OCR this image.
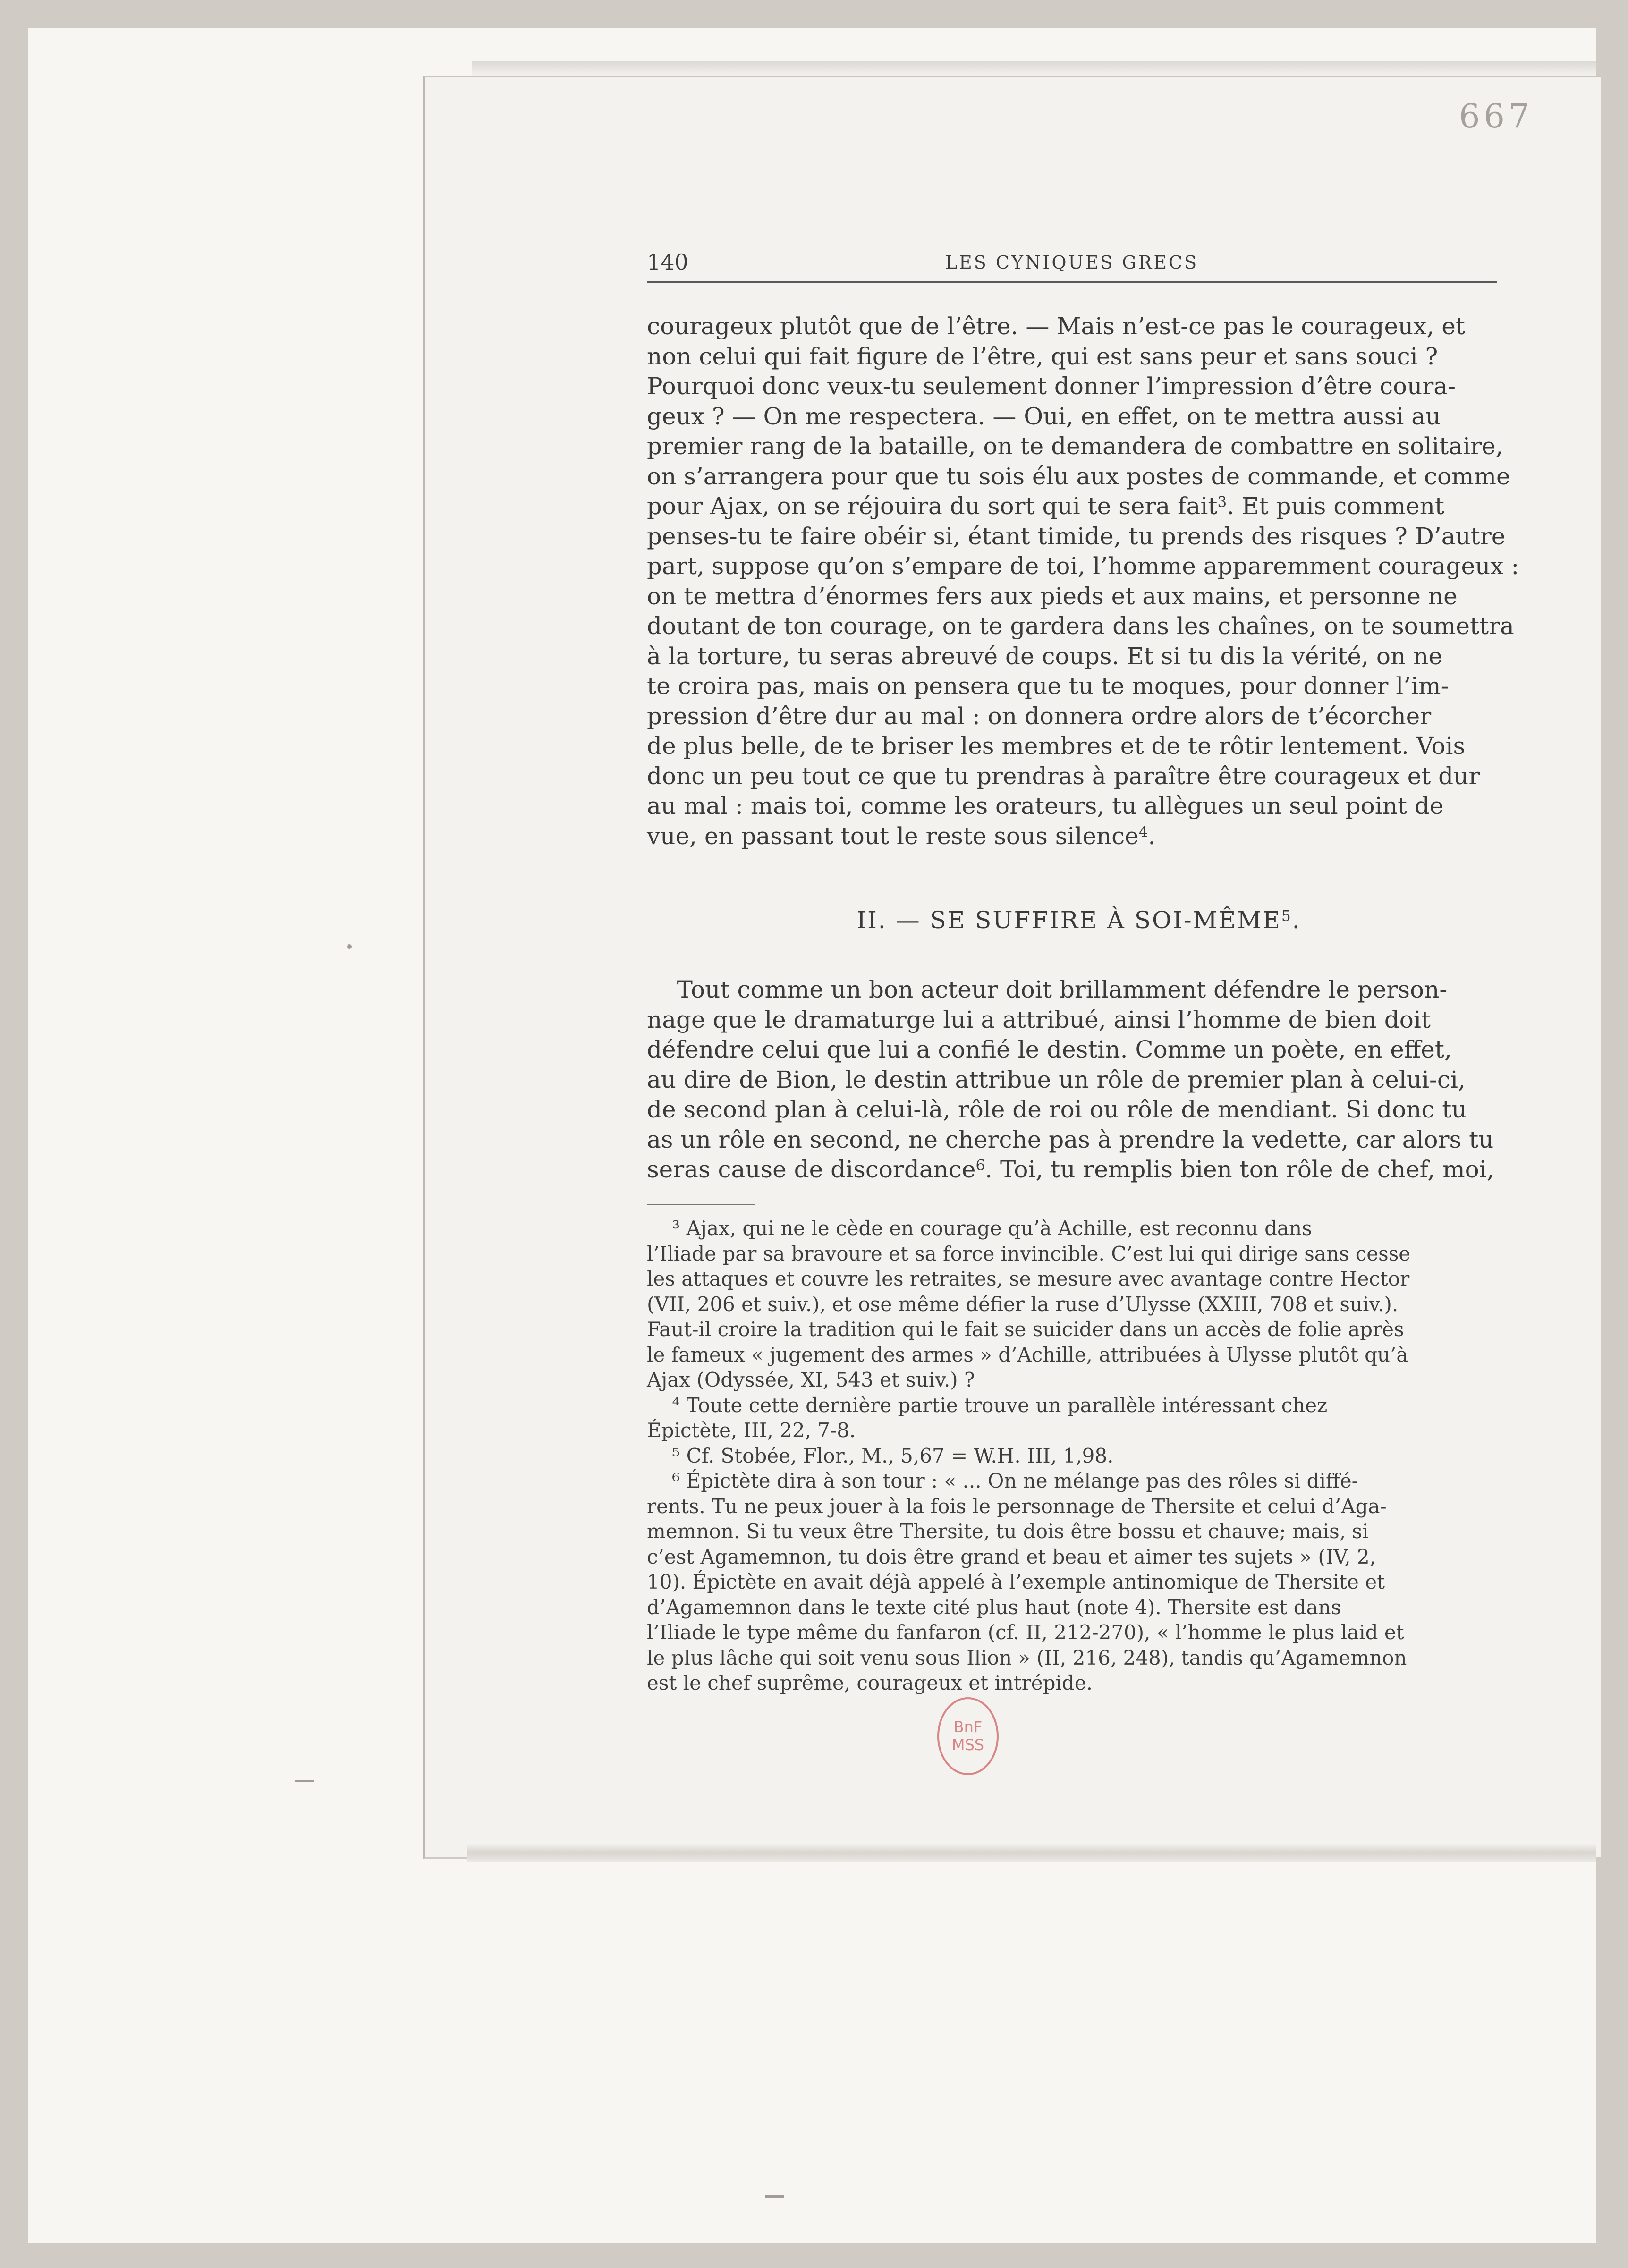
667
140	LES CYNIQUES GRECS

courageux plutôt que de l’être. — Mais n’est-ce pas le courageux, et

non celui qui fait figure de l’être, qui est sans peur et sans souci ?

Pourquoi donc veux-tu seulement donner l’impression d’être coura-

geux ? — On me respectera. — Oui, en effet, on te mettra aussi au

premier rang de la bataille, on te demandera de combattre en solitaire,

on s’arrangera pour que tu sois élu aux postes de commande, et comme

pour Ajax, on se réjouira du sort qui te sera fait$^3$. Et puis comment

penses-tu te faire obéir si, étant timide, tu prends des risques ? D’autre

part, suppose qu’on s’empare de toi, l’homme apparemment courageux :

on te mettra d’énormes fers aux pieds et aux mains, et personne ne

doutant de ton courage, on te gardera dans les chaînes, on te soumettra

à la torture, tu seras abreuvé de coups. Et si tu dis la vérité, on ne

te croira pas, mais on pensera que tu te moques, pour donner l’im-

pression d’être dur au mal : on donnera ordre alors de t’écorcher

de plus belle, de te briser les membres et de te rôtir lentement. Vois

donc un peu tout ce que tu prendras à paraître être courageux et dur

au mal : mais toi, comme les orateurs, tu allègues un seul point de

vue, en passant tout le reste sous silence$^4$.

II. — SE SUFFIRE À SOI-MÊME$^5$.

Tout comme un bon acteur doit brillamment défendre le person-

nage que le dramaturge lui a attribué, ainsi l’homme de bien doit

défendre celui que lui a confié le destin. Comme un poète, en effet,

au dire de Bion, le destin attribue un rôle de premier plan à celui-ci,

de second plan à celui-là, rôle de roi ou rôle de mendiant. Si donc tu

as un rôle en second, ne cherche pas à prendre la vedette, car alors tu

seras cause de discordance$^6$. Toi, tu remplis bien ton rôle de chef, moi,

³ Ajax, qui ne le cède en courage qu’à Achille, est reconnu dans

l’Iliade par sa bravoure et sa force invincible. C’est lui qui dirige sans cesse

les attaques et couvre les retraites, se mesure avec avantage contre Hector

(VII, 206 et suiv.), et ose même défier la ruse d’Ulysse (XXIII, 708 et suiv.).

Faut-il croire la tradition qui le fait se suicider dans un accès de folie après

le fameux « jugement des armes » d’Achille, attribuées à Ulysse plutôt qu’à

Ajax (Odyssée, XI, 543 et suiv.) ?

⁴ Toute cette dernière partie trouve un parallèle intéressant chez

Épictète, III, 22, 7-8.

⁵ Cf. Stobée, Flor., M., 5,67 = W.H. III, 1,98.

⁶ Épictète dira à son tour : « ... On ne mélange pas des rôles si diffé-

rents. Tu ne peux jouer à la fois le personnage de Thersite et celui d’Aga-

memnon. Si tu veux être Thersite, tu dois être bossu et chauve; mais, si

c’est Agamemnon, tu dois être grand et beau et aimer tes sujets » (IV, 2,

10). Épictète en avait déjà appelé à l’exemple antinomique de Thersite et

d’Agamemnon dans le texte cité plus haut (note 4). Thersite est dans

l’Iliade le type même du fanfaron (cf. II, 212-270), « l’homme le plus laid et

le plus lâche qui soit venu sous Ilion » (II, 216, 248), tandis qu’Agamemnon

est le chef suprême, courageux et intrépide.

BnF
MSS
